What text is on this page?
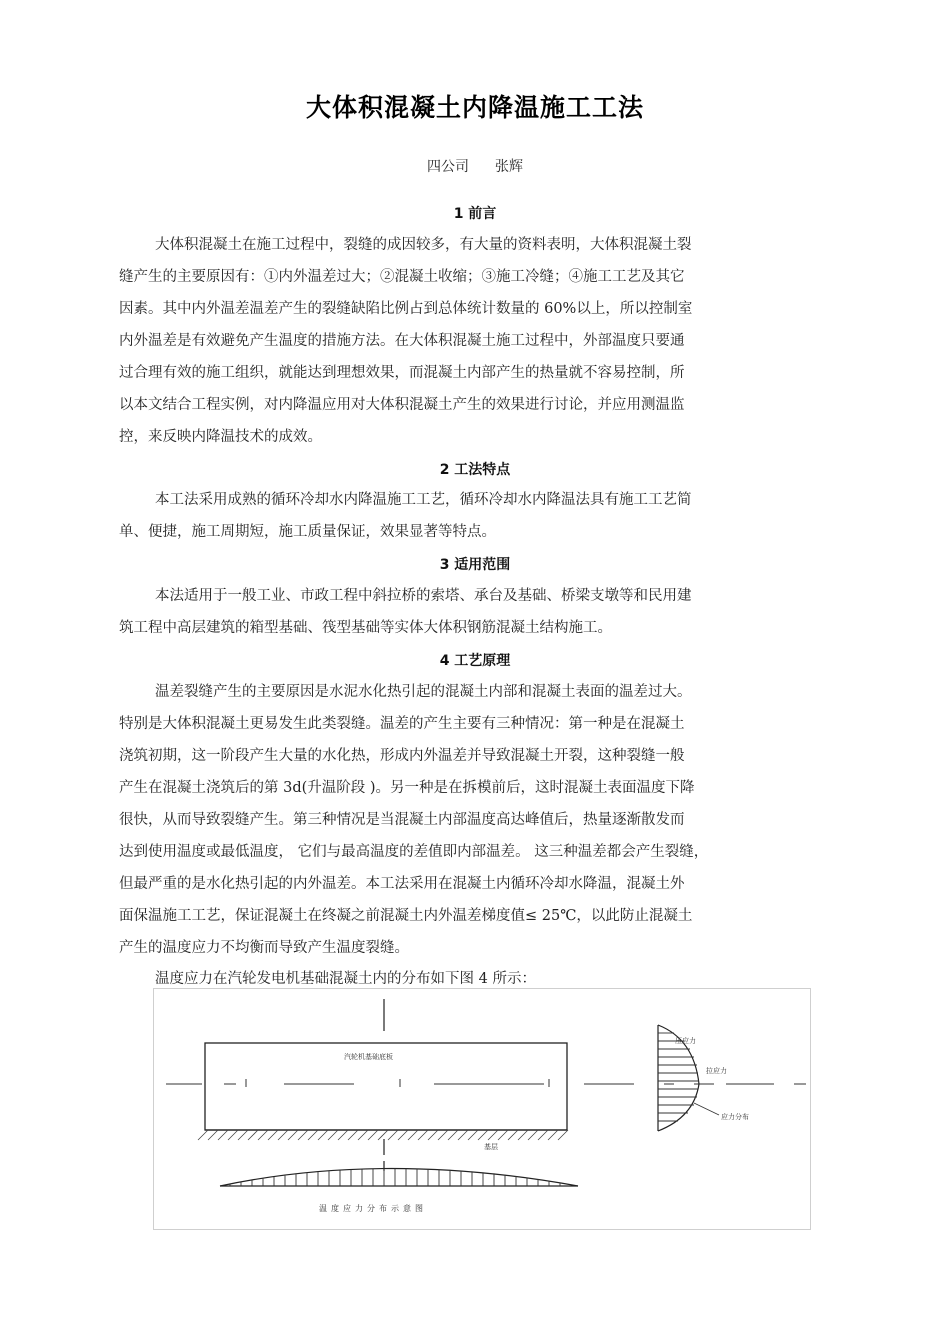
大体积混凝土内降温施工工法
四公司 张辉
1 前言
大体积混凝土在施工过程中，裂缝的成因较多，有大量的资料表明，大体积混凝土裂
缝产生的主要原因有：①内外温差过大；②混凝土收缩；③施工冷缝；④施工工艺及其它
因素。其中内外温差温差产生的裂缝缺陷比例占到总体统计数量的 60%以上，所以控制室
内外温差是有效避免产生温度的措施方法。在大体积混凝土施工过程中，外部温度只要通
过合理有效的施工组织，就能达到理想效果，而混凝土内部产生的热量就不容易控制，所
以本文结合工程实例，对内降温应用对大体积混凝土产生的效果进行讨论，并应用测温监
控，来反映内降温技术的成效。
2 工法特点
本工法采用成熟的循环冷却水内降温施工工艺，循环冷却水内降温法具有施工工艺简
单、便捷，施工周期短，施工质量保证，效果显著等特点。
3 适用范围
本法适用于一般工业、市政工程中斜拉桥的索塔、承台及基础、桥梁支墩等和民用建
筑工程中高层建筑的箱型基础、筏型基础等实体大体积钢筋混凝土结构施工。
4 工艺原理
温差裂缝产生的主要原因是水泥水化热引起的混凝土内部和混凝土表面的温差过大。
特别是大体积混凝土更易发生此类裂缝。温差的产生主要有三种情况：第一种是在混凝土
浇筑初期，这一阶段产生大量的水化热，形成内外温差并导致混凝土开裂，这种裂缝一般
产生在混凝土浇筑后的第 3d(升温阶段 )。另一种是在拆模前后，这时混凝土表面温度下降
很快，从而导致裂缝产生。第三种情况是当混凝土内部温度高达峰值后，热量逐渐散发而
达到使用温度或最低温度， 它们与最高温度的差值即内部温差。 这三种温差都会产生裂缝，
但最严重的是水化热引起的内外温差。本工法采用在混凝土内循环冷却水降温，混凝土外
面保温施工工艺，保证混凝土在终凝之前混凝土内外温差梯度值≤ 25℃，以此防止混凝土
产生的温度应力不均衡而导致产生温度裂缝。
温度应力在汽轮发电机基础混凝土内的分布如下图 4 所示：
汽轮机基础底板
基层
温度应力分布示意图
压应力
拉应力
应力分布
